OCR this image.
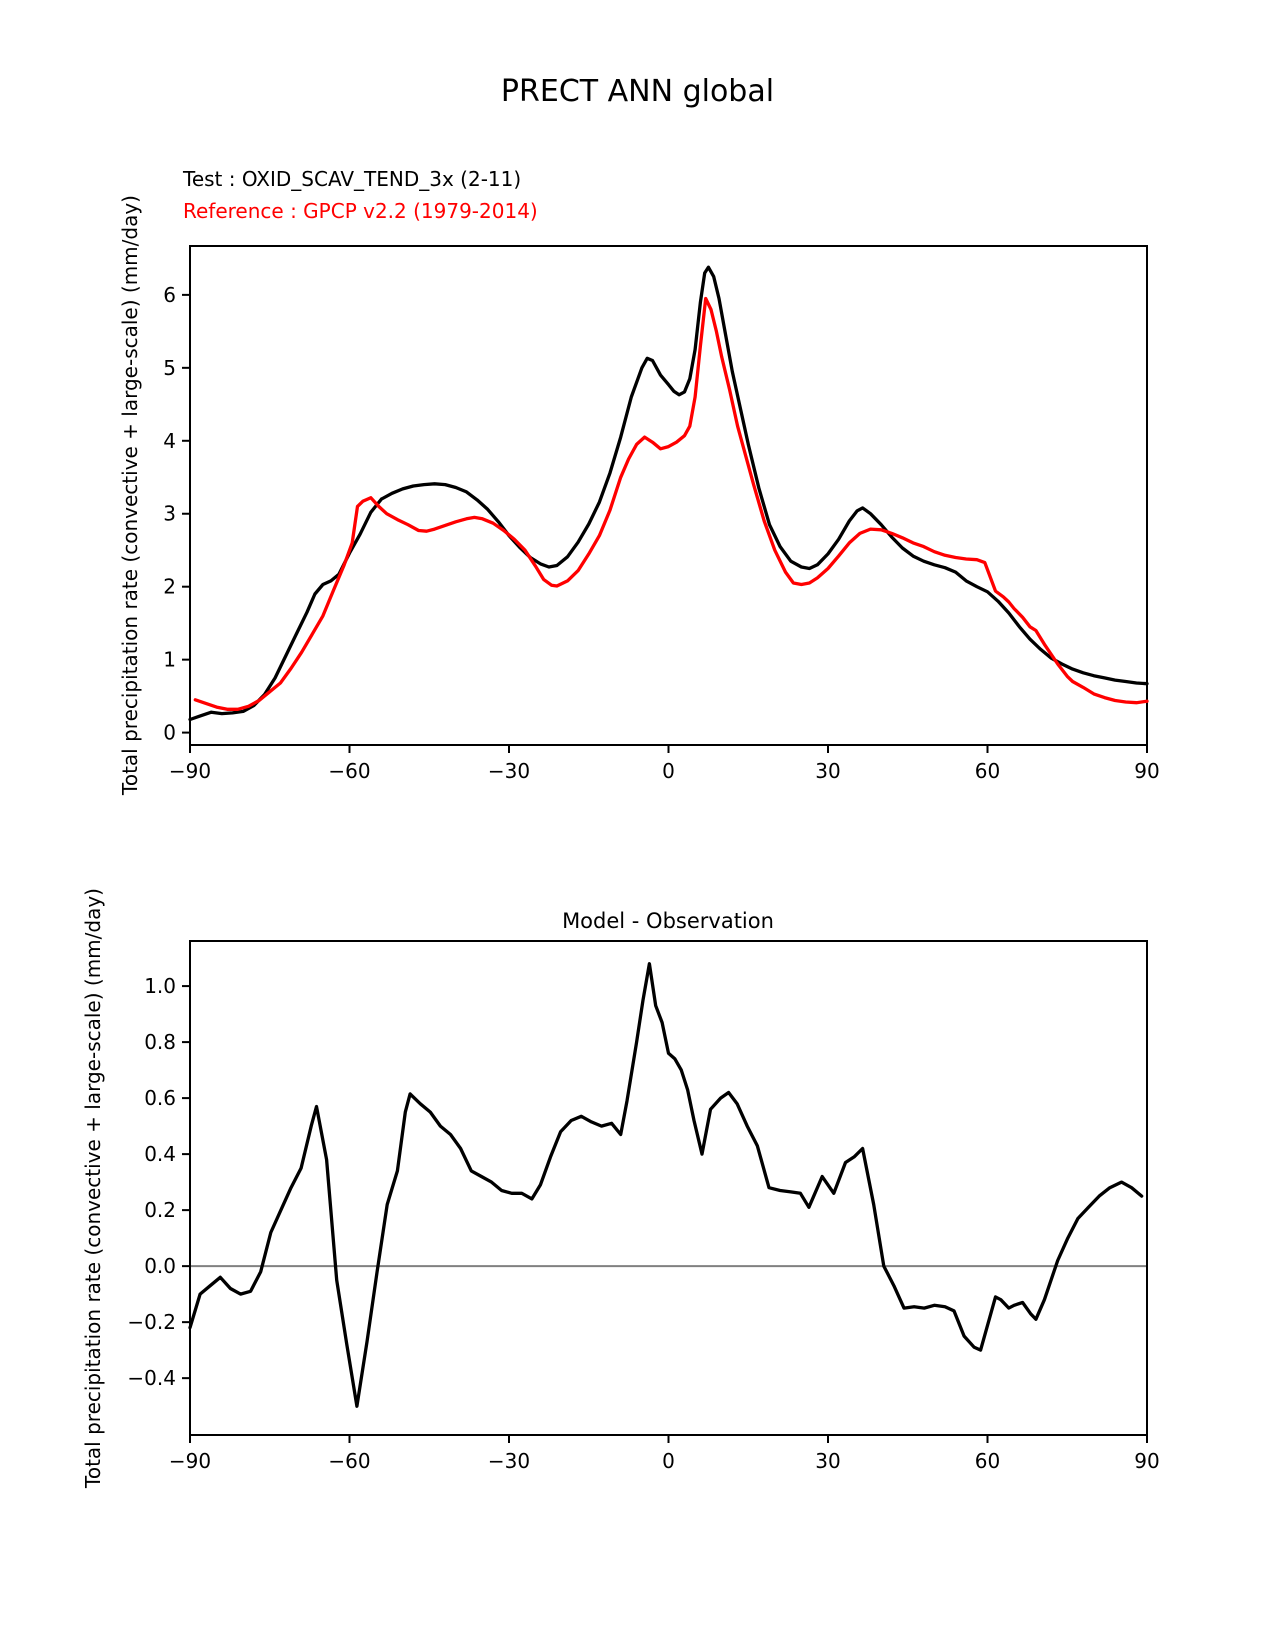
PRECT ANN global
Test : OXID_SCAV_TEND_3x (2-11)
Reference : GPCP v2.2 (1979-2014)
Total precipitation rate (convective + large-scale) (mm/day)
Model - Observation
Total precipitation rate (convective + large-scale) (mm/day)
−90	−60	−30	0	30	60	90
0
1
2
3
4
5
6
−90	−60	−30	0	30	60	90
1.0
0.8
0.6
0.4
0.2
0.0
−0.2
−0.4
